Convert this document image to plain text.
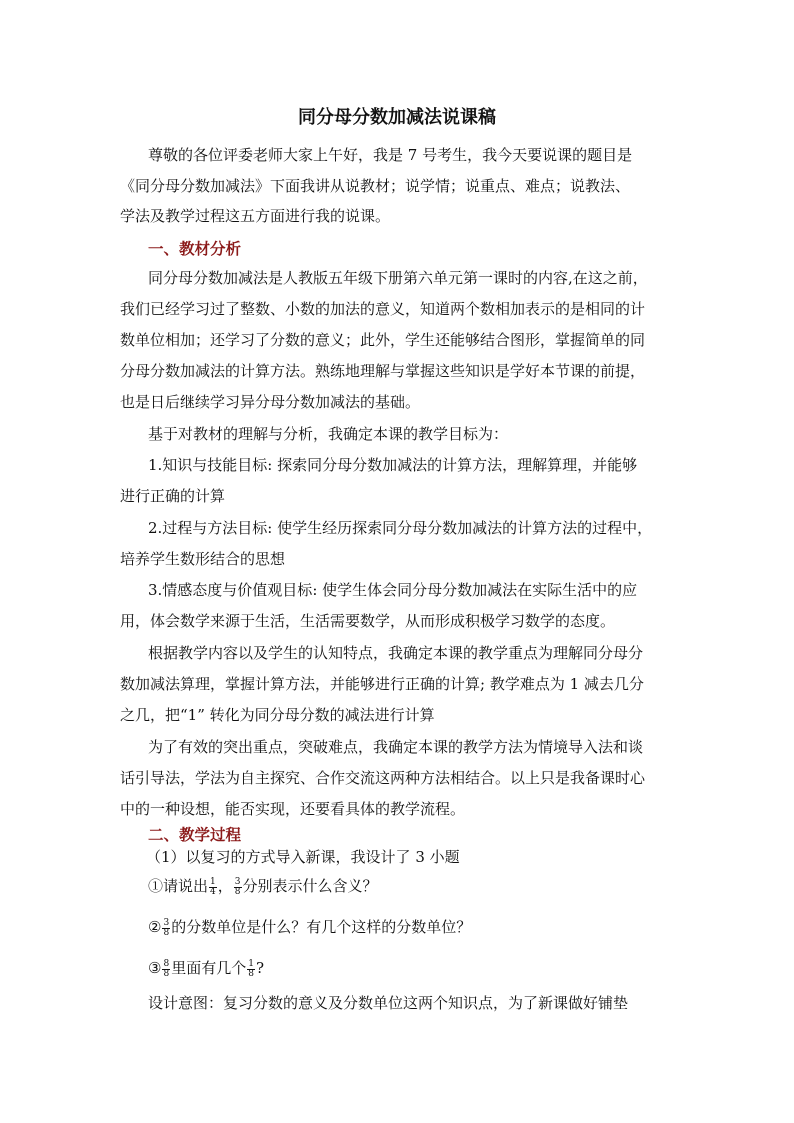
同分母分数加减法说课稿
尊敬的各位评委老师大家上午好，我是 7 号考生，我今天要说课的题目是
《同分母分数加减法》下面我讲从说教材；说学情；说重点、难点；说教法、
学法及教学过程这五方面进行我的说课。
一、教材分析
同分母分数加减法是人教版五年级下册第六单元第一课时的内容,在这之前，
我们已经学习过了整数、小数的加法的意义，知道两个数相加表示的是相同的计
数单位相加；还学习了分数的意义；此外，学生还能够结合图形，掌握简单的同
分母分数加减法的计算方法。熟练地理解与掌握这些知识是学好本节课的前提，
也是日后继续学习异分母分数加减法的基础。
基于对教材的理解与分析，我确定本课的教学目标为：
1.知识与技能目标: 探索同分母分数加减法的计算方法，理解算理，并能够
进行正确的计算
2.过程与方法目标: 使学生经历探索同分母分数加减法的计算方法的过程中，
培养学生数形结合的思想
3.情感态度与价值观目标: 使学生体会同分母分数加减法在实际生活中的应
用，体会数学来源于生活，生活需要数学，从而形成积极学习数学的态度。
根据教学内容以及学生的认知特点，我确定本课的教学重点为理解同分母分
数加减法算理，掌握计算方法，并能够进行正确的计算; 教学难点为 1 减去几分
之几，把“1” 转化为同分母分数的减法进行计算
为了有效的突出重点，突破难点，我确定本课的教学方法为情境导入法和谈
话引导法，学法为自主探究、合作交流这两种方法相结合。以上只是我备课时心
中的一种设想，能否实现，还要看具体的教学流程。
二、教学过程
（1）以复习的方式导入新课，我设计了 3 小题
①请说出 $\frac{1}{4}$ ， $\frac{3}{8}$ 分别表示什么含义？
② $\frac{3}{8}$ 的分数单位是什么？有几个这样的分数单位？
③ $\frac{8}{8}$ 里面有几个 $\frac{1}{8}$ ?
设计意图：复习分数的意义及分数单位这两个知识点，为了新课做好铺垫
